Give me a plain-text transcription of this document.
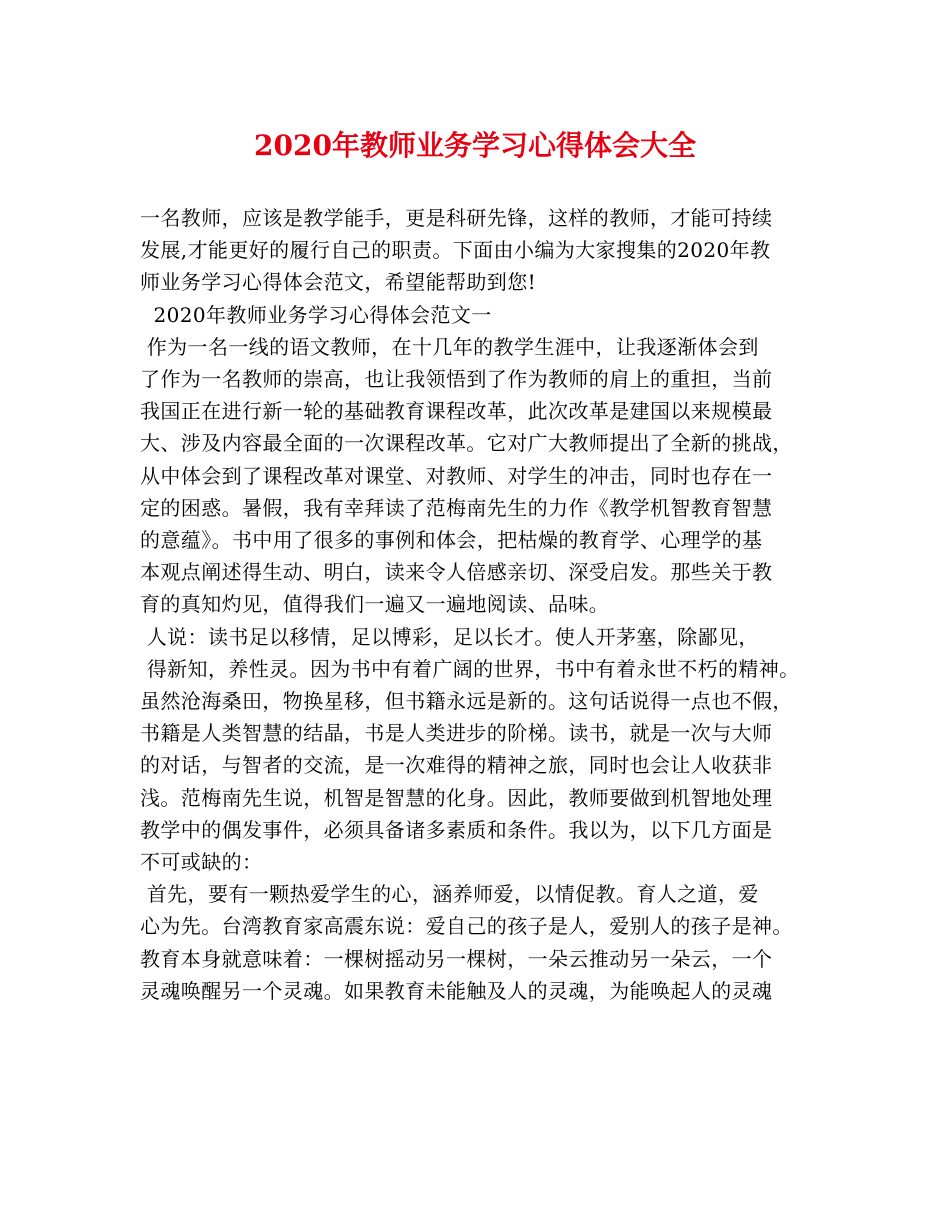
2020年教师业务学习心得体会大全
一名教师，应该是教学能手，更是科研先锋，这样的教师，才能可持续
发展,才能更好的履行自己的职责。下面由小编为大家搜集的2020年教
师业务学习心得体会范文，希望能帮助到您!
2020年教师业务学习心得体会范文一
作为一名一线的语文教师，在十几年的教学生涯中，让我逐渐体会到
了作为一名教师的崇高，也让我领悟到了作为教师的肩上的重担，当前
我国正在进行新一轮的基础教育课程改革，此次改革是建国以来规模最
大、涉及内容最全面的一次课程改革。它对广大教师提出了全新的挑战，
从中体会到了课程改革对课堂、对教师、对学生的冲击，同时也存在一
定的困惑。暑假，我有幸拜读了范梅南先生的力作《教学机智教育智慧
的意蕴》。书中用了很多的事例和体会，把枯燥的教育学、心理学的基
本观点阐述得生动、明白，读来令人倍感亲切、深受启发。那些关于教
育的真知灼见，值得我们一遍又一遍地阅读、品味。
人说：读书足以移情，足以博彩，足以长才。使人开茅塞，除鄙见，
得新知，养性灵。因为书中有着广阔的世界，书中有着永世不朽的精神。
虽然沧海桑田，物换星移，但书籍永远是新的。这句话说得一点也不假，
书籍是人类智慧的结晶，书是人类进步的阶梯。读书，就是一次与大师
的对话，与智者的交流，是一次难得的精神之旅，同时也会让人收获非
浅。范梅南先生说，机智是智慧的化身。因此，教师要做到机智地处理
教学中的偶发事件，必须具备诸多素质和条件。我以为，以下几方面是
不可或缺的：
首先，要有一颗热爱学生的心，涵养师爱，以情促教。育人之道，爱
心为先。台湾教育家高震东说：爱自己的孩子是人，爱别人的孩子是神。
教育本身就意味着：一棵树摇动另一棵树，一朵云推动另一朵云，一个
灵魂唤醒另一个灵魂。如果教育未能触及人的灵魂，为能唤起人的灵魂
